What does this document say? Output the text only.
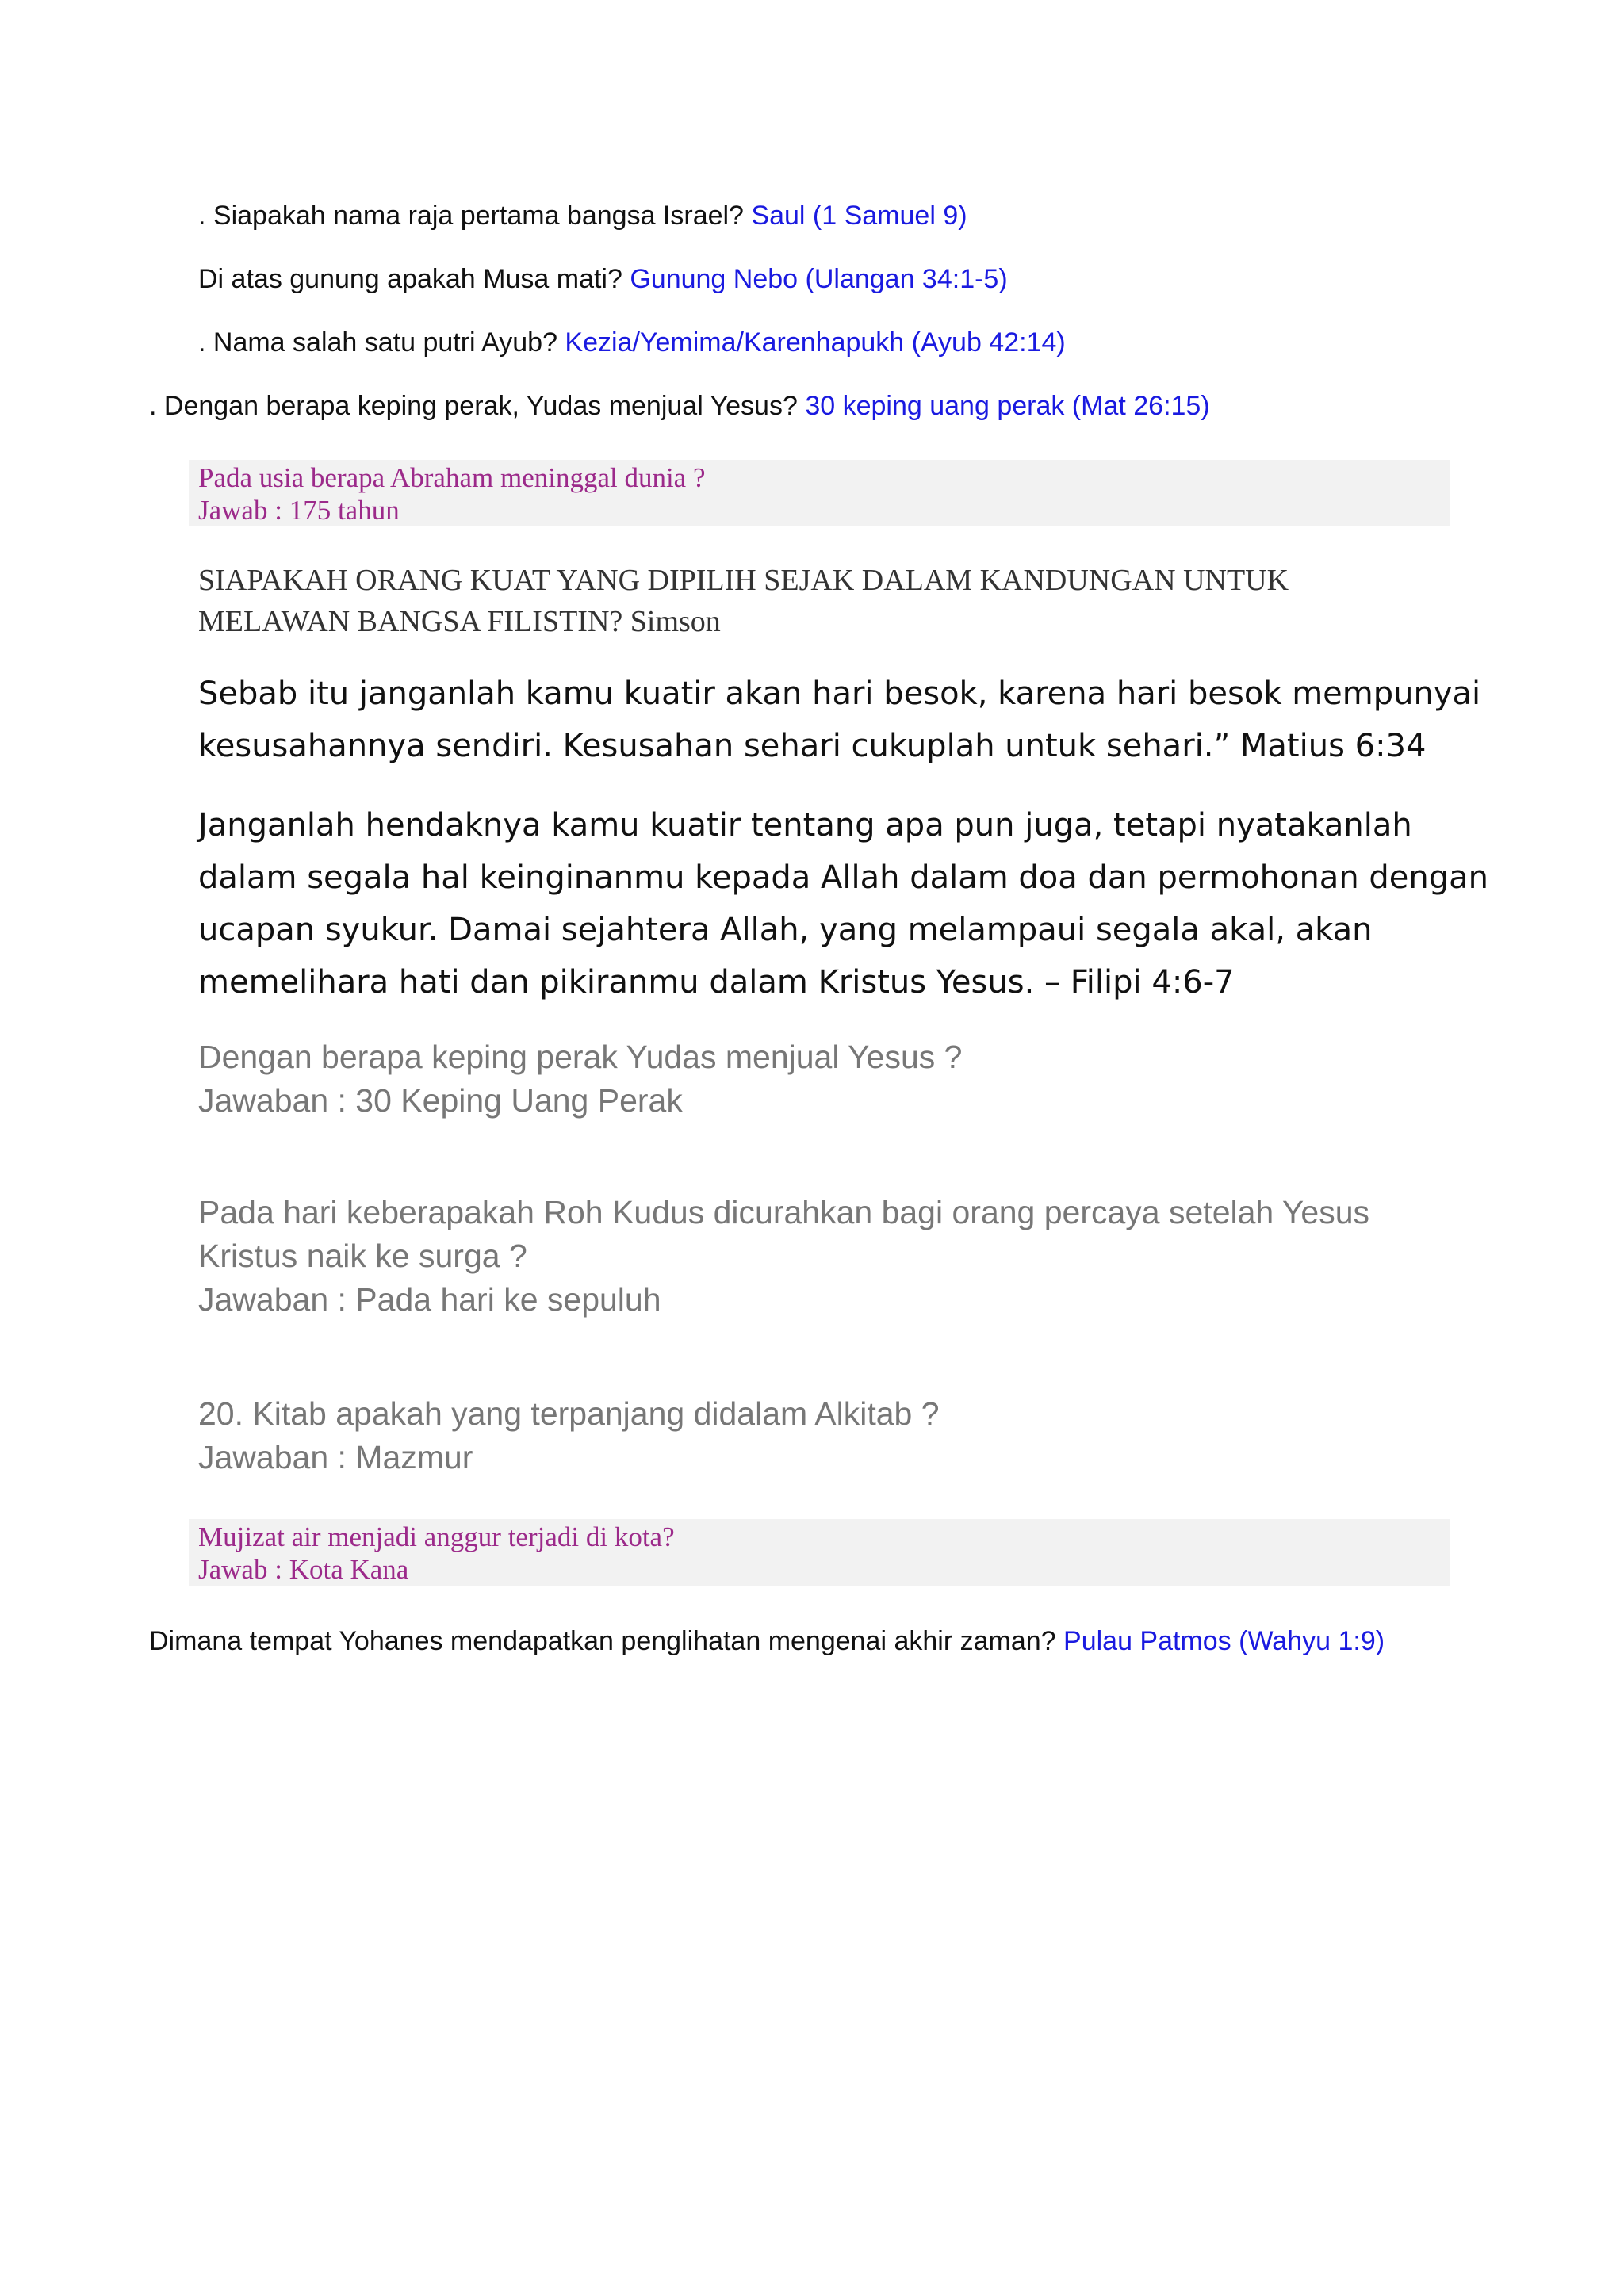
. Siapakah nama raja pertama bangsa Israel? Saul (1 Samuel 9)
Di atas gunung apakah Musa mati? Gunung Nebo (Ulangan 34:1-5)
. Nama salah satu putri Ayub? Kezia/Yemima/Karenhapukh (Ayub 42:14)
. Dengan berapa keping perak, Yudas menjual Yesus? 30 keping uang perak (Mat 26:15)
Pada usia berapa Abraham meninggal dunia ?
Jawab : 175 tahun
SIAPAKAH ORANG KUAT YANG DIPILIH SEJAK DALAM KANDUNGAN UNTUK
MELAWAN BANGSA FILISTIN? Simson
Sebab itu janganlah kamu kuatir akan hari besok, karena hari besok mempunyai
kesusahannya sendiri. Kesusahan sehari cukuplah untuk sehari.” Matius 6:34
Janganlah hendaknya kamu kuatir tentang apa pun juga, tetapi nyatakanlah
dalam segala hal keinginanmu kepada Allah dalam doa dan permohonan dengan
ucapan syukur. Damai sejahtera Allah, yang melampaui segala akal, akan
memelihara hati dan pikiranmu dalam Kristus Yesus. – Filipi 4:6-7
Dengan berapa keping perak Yudas menjual Yesus ?
Jawaban : 30 Keping Uang Perak
Pada hari keberapakah Roh Kudus dicurahkan bagi orang percaya setelah Yesus
Kristus naik ke surga ?
Jawaban : Pada hari ke sepuluh
20. Kitab apakah yang terpanjang didalam Alkitab ?
Jawaban : Mazmur
Mujizat air menjadi anggur terjadi di kota?
Jawab : Kota Kana
Dimana tempat Yohanes mendapatkan penglihatan mengenai akhir zaman? Pulau Patmos (Wahyu 1:9)
